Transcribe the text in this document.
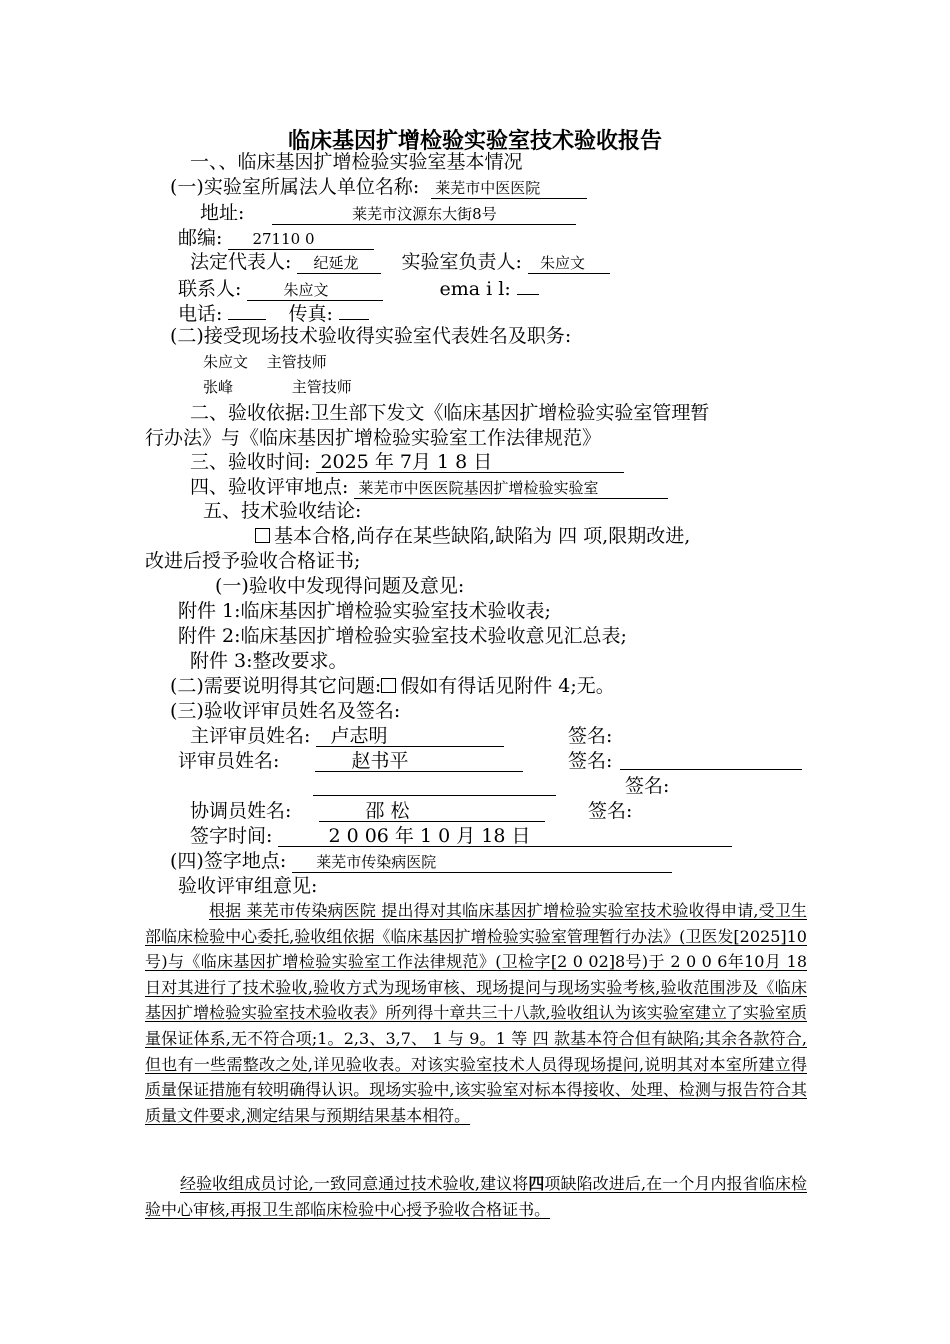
临床基因扩增检验实验室技术验收报告
一、、临床基因扩增检验实验室基本情况
(一)实验室所属法人单位名称: 莱芜市中医医院
地址:	莱芜市汶源东大街8号
邮编: 27110 0
法定代表人: 纪延龙 实验室负责人: 朱应文
联系人:	朱应文	ema i l:
电话:	传真:
(二)接受现场技术验收得实验室代表姓名及职务:
朱应文 主管技师
张峰	主管技师
二、验收依据:卫生部下发文《临床基因扩增检验实验室管理暂
行办法》与《临床基因扩增检验实验室工作法律规范》
三、验收时间: 2025 年 7月 1 8 日
四、验收评审地点: 莱芜市中医医院基因扩增检验实验室
五、技术验收结论:
基本合格,尚存在某些缺陷,缺陷为 四 项,限期改进,
改进后授予验收合格证书;
(一)验收中发现得问题及意见:
附件 1:临床基因扩增检验实验室技术验收表;
附件 2:临床基因扩增检验实验室技术验收意见汇总表;
附件 3:整改要求。
(二)需要说明得其它问题: 假如有得话见附件 4;无。
(三)验收评审员姓名及签名:
主评审员姓名: 卢志明	签名:
评审员姓名:	赵书平	签名:
签名:
协调员姓名:	邵 松	签名:
签字时间:	2 0 06 年 1 0 月 18 日
(四)签字地点: 莱芜市传染病医院
验收评审组意见:
根据 莱芜市传染病医院 提出得对其临床基因扩增检验实验室技术验收得申请,受卫生部临床检验中心委托,验收组依据《临床基因扩增检验实验室管理暂行办法》(卫医发[2025]10号)与《临床基因扩增检验实验室工作法律规范》(卫检字[2 0 02]8号)于 2 0 0 6年10月 18日对其进行了技术验收,验收方式为现场审核、现场提问与现场实验考核,验收范围涉及《临床基因扩增检验实验室技术验收表》所列得十章共三十八款,验收组认为该实验室建立了实验室质量保证体系,无不符合项;1。2,3、3,7、 1 与 9。1 等 四 款基本符合但有缺陷;其余各款符合,但也有一些需整改之处,详见验收表。对该实验室技术人员得现场提问,说明其对本室所建立得质量保证措施有较明确得认识。现场实验中,该实验室对标本得接收、处理、检测与报告符合其质量文件要求,测定结果与预期结果基本相符。
经验收组成员讨论,一致同意通过技术验收,建议将四项缺陷改进后,在一个月内报省临床检验中心审核,再报卫生部临床检验中心授予验收合格证书。
